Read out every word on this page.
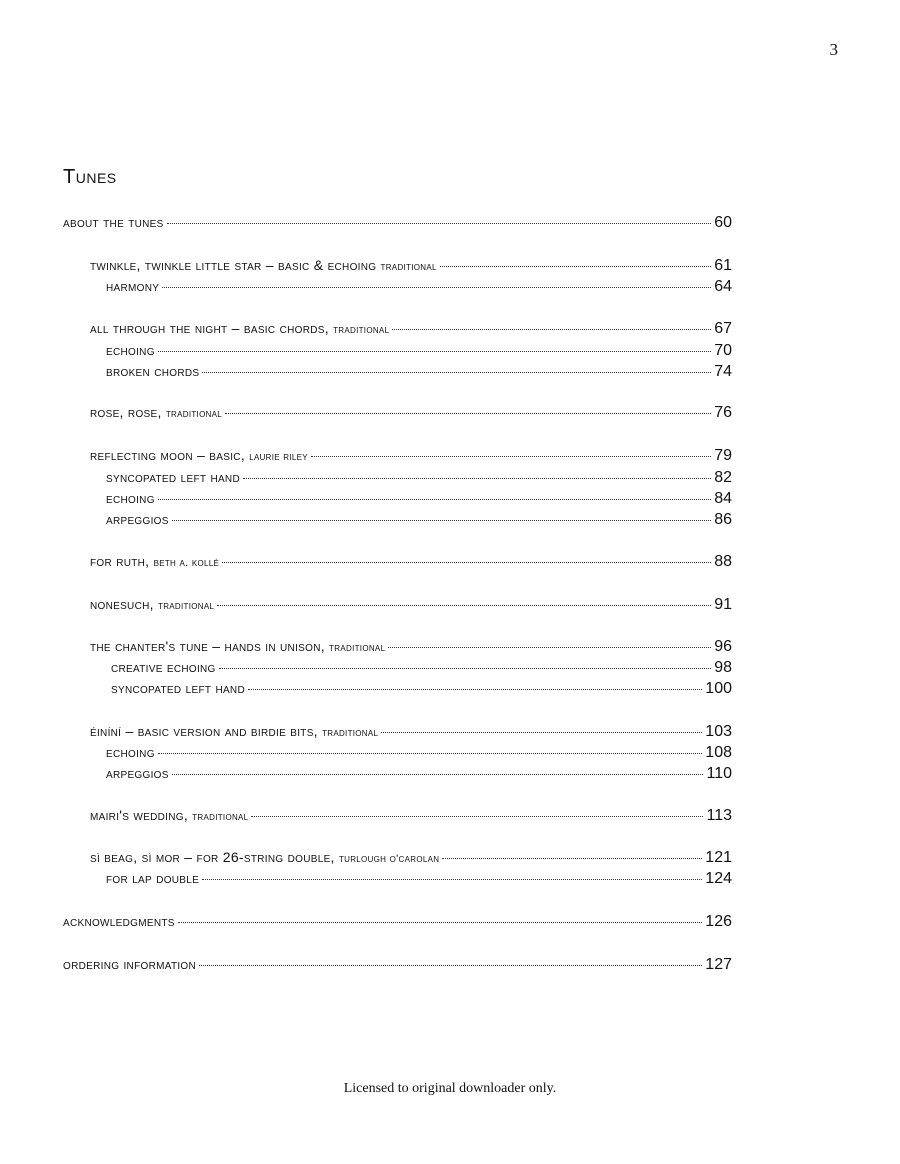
3
Tunes
about the tunes	60
twinkle, twinkle little star – basic & echoing traditional	61
harmony	64
all through the night – basic chords, traditional	67
echoing	70
broken chords	74
rose, rose, traditional	76
reflecting moon – basic, laurie riley	79
syncopated left hand	82
echoing	84
arpeggios	86
for ruth, beth a. kollé	88
nonesuch, traditional	91
the chanter's tune – hands in unison, traditional	96
creative echoing	98
syncopated left hand	100
éiníní – basic version and birdie bits, traditional	103
echoing	108
arpeggios	110
mairi's wedding, traditional	113
sì beag, sì mor – for 26-string double, turlough o'carolan	121
for lap double	124
acknowledgments	126
ordering information	127
Licensed to original downloader only.
